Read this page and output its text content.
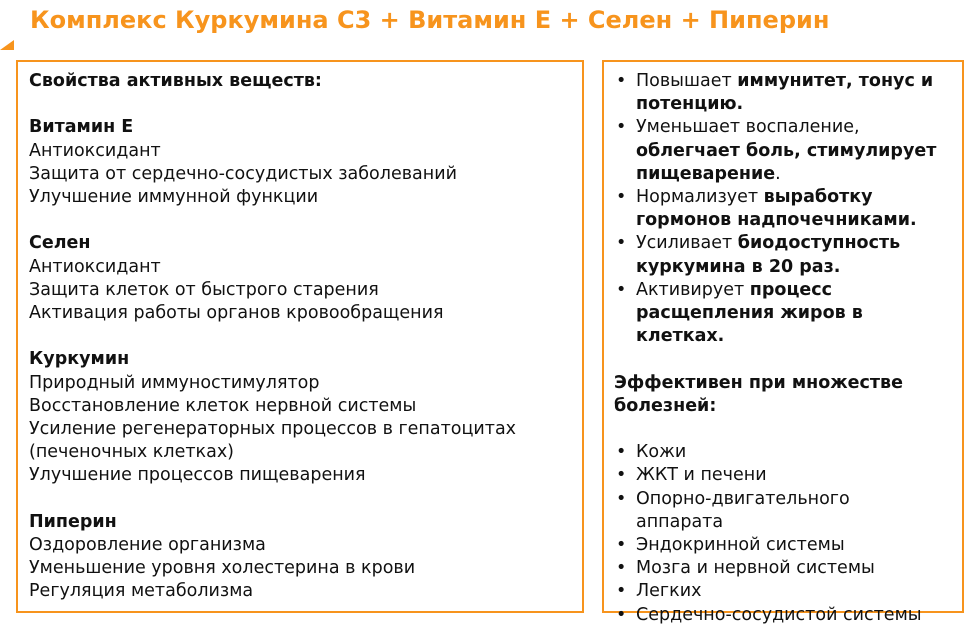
Комплекс Куркумина С3 + Витамин Е + Селен + Пиперин
Свойства активных веществ:
Витамин Е
Антиоксидант
Защита от сердечно-сосудистых заболеваний
Улучшение иммунной функции
Селен
Антиоксидант
Защита клеток от быстрого старения
Активация работы органов кровообращения
Куркумин
Природный иммуностимулятор
Восстановление клеток нервной системы
Усиление регенераторных процессов в гепатоцитах
(печеночных клетках)
Улучшение процессов пищеварения
Пиперин
Оздоровление организма
Уменьшение уровня холестерина в крови
Регуляция метаболизма
• Повышает иммунитет, тонус и
потенцию.
• Уменьшает воспаление,
облегчает боль, стимулирует
пищеварение.
• Нормализует выработку
гормонов надпочечниками.
• Усиливает биодоступность
куркумина в 20 раз.
• Активирует процесс
расщепления жиров в клетках.
Эффективен при множестве
болезней:
• Кожи
• ЖКТ и печени
• Опорно-двигательного
аппарата
• Эндокринной системы
• Мозга и нервной системы
• Легких
• Сердечно-сосудистой системы
